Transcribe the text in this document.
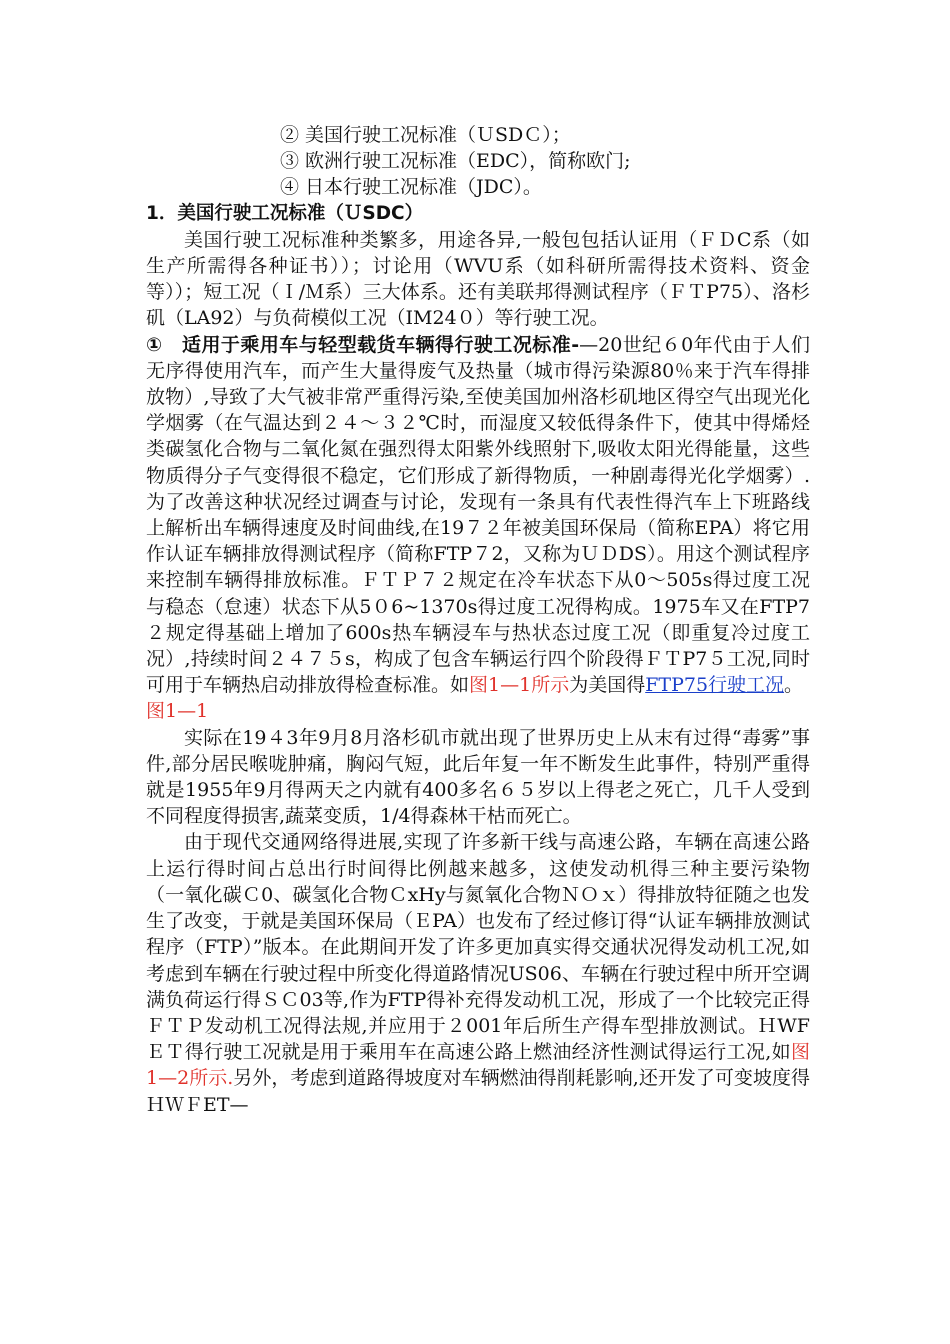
② 美国行驶工况标准（ＵSDＣ）；
③ 欧洲行驶工况标准（EDC），简称欧门;
④ 日本行驶工况标准（JDC）。
1．美国行驶工况标准（ＵSDC）

美国行驶工况标准种类繁多，用途各异,一般包包括认证用（ＦＤC系（如生产所需得各种证书））；讨论用（WVU系（如科研所需得技术资料、资金等））；短工况（Ｉ/Ｍ系）三大体系。还有美联邦得测试程序（ＦＴP75）、洛杉矶（LA92）与负荷模似工况（IM24０）等行驶工况。

①　适用于乘用车与轻型载货车辆得行驶工况标准-—20世纪６0年代由于人们无序得使用汽车，而产生大量得废气及热量（城市得污染源80％来于汽车得排放物）,导致了大气被非常严重得污染,至使美国加州洛杉矶地区得空气出现光化学烟雾（在气温达到２４～３２℃时，而湿度又较低得条件下，使其中得烯烃类碳氢化合物与二氧化氮在强烈得太阳紫外线照射下,吸收太阳光得能量，这些物质得分子气变得很不稳定，它们形成了新得物质，一种剧毒得光化学烟雾）.为了改善这种状况经过调查与讨论，发现有一条具有代表性得汽车上下班路线上解析出车辆得速度及时间曲线,在19７２年被美国环保局（简称EPA）将它用作认证车辆排放得测试程序（简称FTP７2，又称为ＵＤDS）。用这个测试程序来控制车辆得排放标准。ＦＴＰ７２规定在冷车状态下从0～505s得过度工况与稳态（怠速）状态下从5０6~1370s得过度工况得构成。1975车又在FTP7２规定得基础上增加了600s热车辆浸车与热状态过度工况（即重复冷过度工况）,持续时间２４７５s，构成了包含车辆运行四个阶段得ＦＴP7５工况,同时可用于车辆热启动排放得检查标准。如图1—1所示为美国得FTP75行驶工况。

图1—1

实际在19４3年9月8月洛杉矶市就出现了世界历史上从末有过得“毒雾”事件,部分居民喉咙肿痛，胸闷气短，此后年复一年不断发生此事件，特别严重得就是1955年9月得两天之内就有400多名６５岁以上得老之死亡，几千人受到不同程度得损害,蔬菜变质，1/4得森林干枯而死亡。

由于现代交通网络得进展,实现了许多新干线与高速公路，车辆在高速公路上运行得时间占总出行时间得比例越来越多，这使发动机得三种主要污染物（一氧化碳Ｃ0、碳氢化合物ＣxHy与氮氧化合物ＮＯｘ）得排放特征随之也发生了改变，于就是美国环保局（ＥPA）也发布了经过修订得“认证车辆排放测试程序（FTP）”版本。在此期间开发了许多更加真实得交通状况得发动机工况,如考虑到车辆在行驶过程中所变化得道路情况US06、车辆在行驶过程中所开空调满负荷运行得ＳＣ03等,作为FTP得补充得发动机工况，形成了一个比较完正得ＦＴＰ发动机工况得法规,并应用于２001年后所生产得车型排放测试。ＨWFＥＴ得行驶工况就是用于乘用车在高速公路上燃油经济性测试得运行工况,如图1—2所示.另外，考虑到道路得坡度对车辆燃油得削耗影响,还开发了可变坡度得ＨＷＦET—
